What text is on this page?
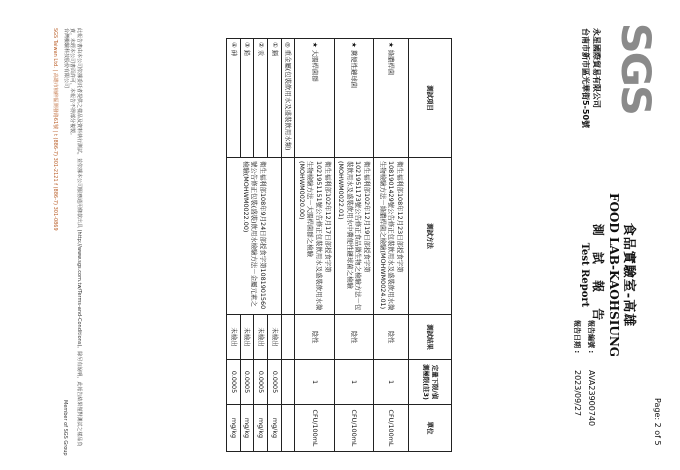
SGS
永星國際貿易有限公司
台南市新市區光華街5-50號
食品實驗室-高雄
FOOD LAB-KAOHSIUNG
測 試 報 告
Test Report
報告編號 :AVA23900740
報告日期 :2023/09/27
Page: 2 of 5
測試項目	測試方法	測試結果	定量下限/偵測極限(註3)	單位
★ 綠膿桿菌	衛生福利部108年12月23日部授食字第1081901429號公告修正包裝飲用水及盛裝飲用水微生物檢驗方法－綠膿桿菌之檢驗(MOHWM0024.01)	陰性	1	CFU/100mL
★ 糞便性鏈球菌	衛生福利部102年12月19日部授食字第1021951173號公告修正食品微生物之檢驗方法－包裝飲用水及盛裝飲用水中糞便性鏈球菌之檢驗(MOHWM0022.01)	陰性	1	CFU/100mL
★ 大腸桿菌群	衛生福利部102年12月17日部授食字第1021951151號公告修正包裝飲用水及盛裝飲用水微生物檢驗方法－大腸桿菌群之檢驗(MOHWM0020.00)	陰性	1	CFU/100mL
◎ 重金屬(包裝飲用水及盛裝飲用水類)				
① 鎘	衛生福利部108年9月24日部授食字第1081901560號公告修正包裝(盛裝)飲用水檢驗方法－金屬元素之檢驗(MOHWM0022.00)	未檢出	0.0005	mg/kg
② 汞		未檢出	0.0005	mg/kg
③ 鉛		未檢出	0.0005	mg/kg
④ 砷		未檢出	0.0005	mg/kg
此報告書由本公司依據委託者提供之樣品及資料執行測試，並依據本公司服務通用條款出具 (http://www.sgs.com.tw/Terms-and-Conditions)。除另有說明，此報告結果僅對測試之樣品負責。未經本公司書面許可，本報告不得部分複製。
台灣檢驗科技股份有限公司
SGS Taiwan Ltd. | 高雄市楠梓區開發路61號 | t (886-7) 301-2121 f (886-7) 301-0869
Member of SGS Group
